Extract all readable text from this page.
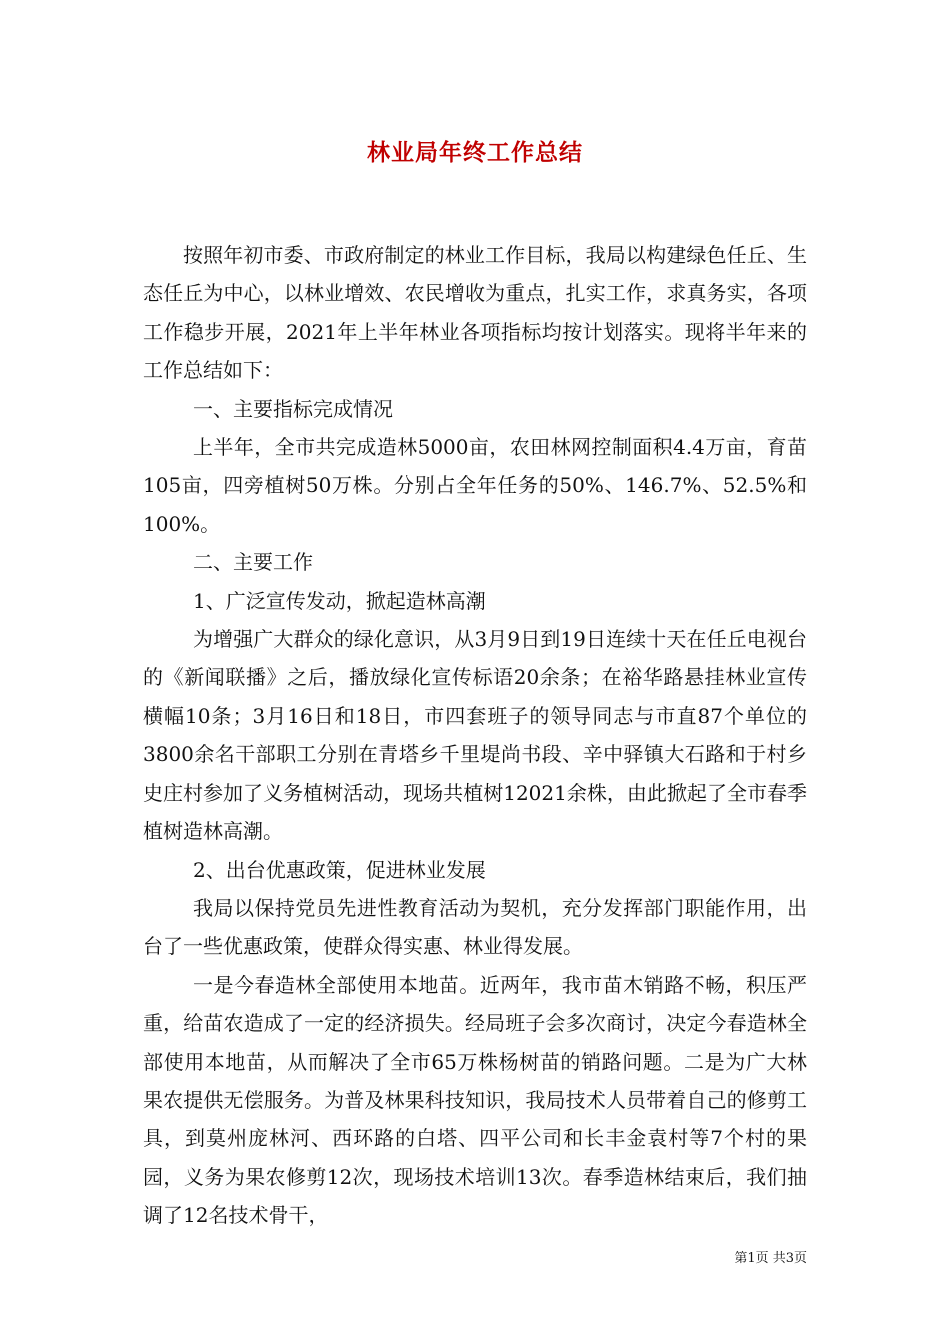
林业局年终工作总结

按照年初市委、市政府制定的林业工作目标，我局以构建绿色任丘、生态任丘为中心，以林业增效、农民增收为重点，扎实工作，求真务实，各项工作稳步开展，2021年上半年林业各项指标均按计划落实。现将半年来的工作总结如下：

一、主要指标完成情况

上半年，全市共完成造林5000亩，农田林网控制面积4.4万亩，育苗105亩，四旁植树50万株。分别占全年任务的50%、146.7%、52.5%和100%。

二、主要工作

1、广泛宣传发动，掀起造林高潮

为增强广大群众的绿化意识，从3月9日到19日连续十天在任丘电视台的《新闻联播》之后，播放绿化宣传标语20余条；在裕华路悬挂林业宣传横幅10条；3月16日和18日，市四套班子的领导同志与市直87个单位的3800余名干部职工分别在青塔乡千里堤尚书段、辛中驿镇大石路和于村乡史庄村参加了义务植树活动，现场共植树12021余株，由此掀起了全市春季植树造林高潮。

2、出台优惠政策，促进林业发展

我局以保持党员先进性教育活动为契机，充分发挥部门职能作用，出台了一些优惠政策，使群众得实惠、林业得发展。

一是今春造林全部使用本地苗。近两年，我市苗木销路不畅，积压严重，给苗农造成了一定的经济损失。经局班子会多次商讨，决定今春造林全部使用本地苗，从而解决了全市65万株杨树苗的销路问题。二是为广大林果农提供无偿服务。为普及林果科技知识，我局技术人员带着自己的修剪工具，到莫州庞林河、西环路的白塔、四平公司和长丰金袁村等7个村的果园，义务为果农修剪12次，现场技术培训13次。春季造林结束后，我们抽调了12名技术骨干，

第1页 共3页
